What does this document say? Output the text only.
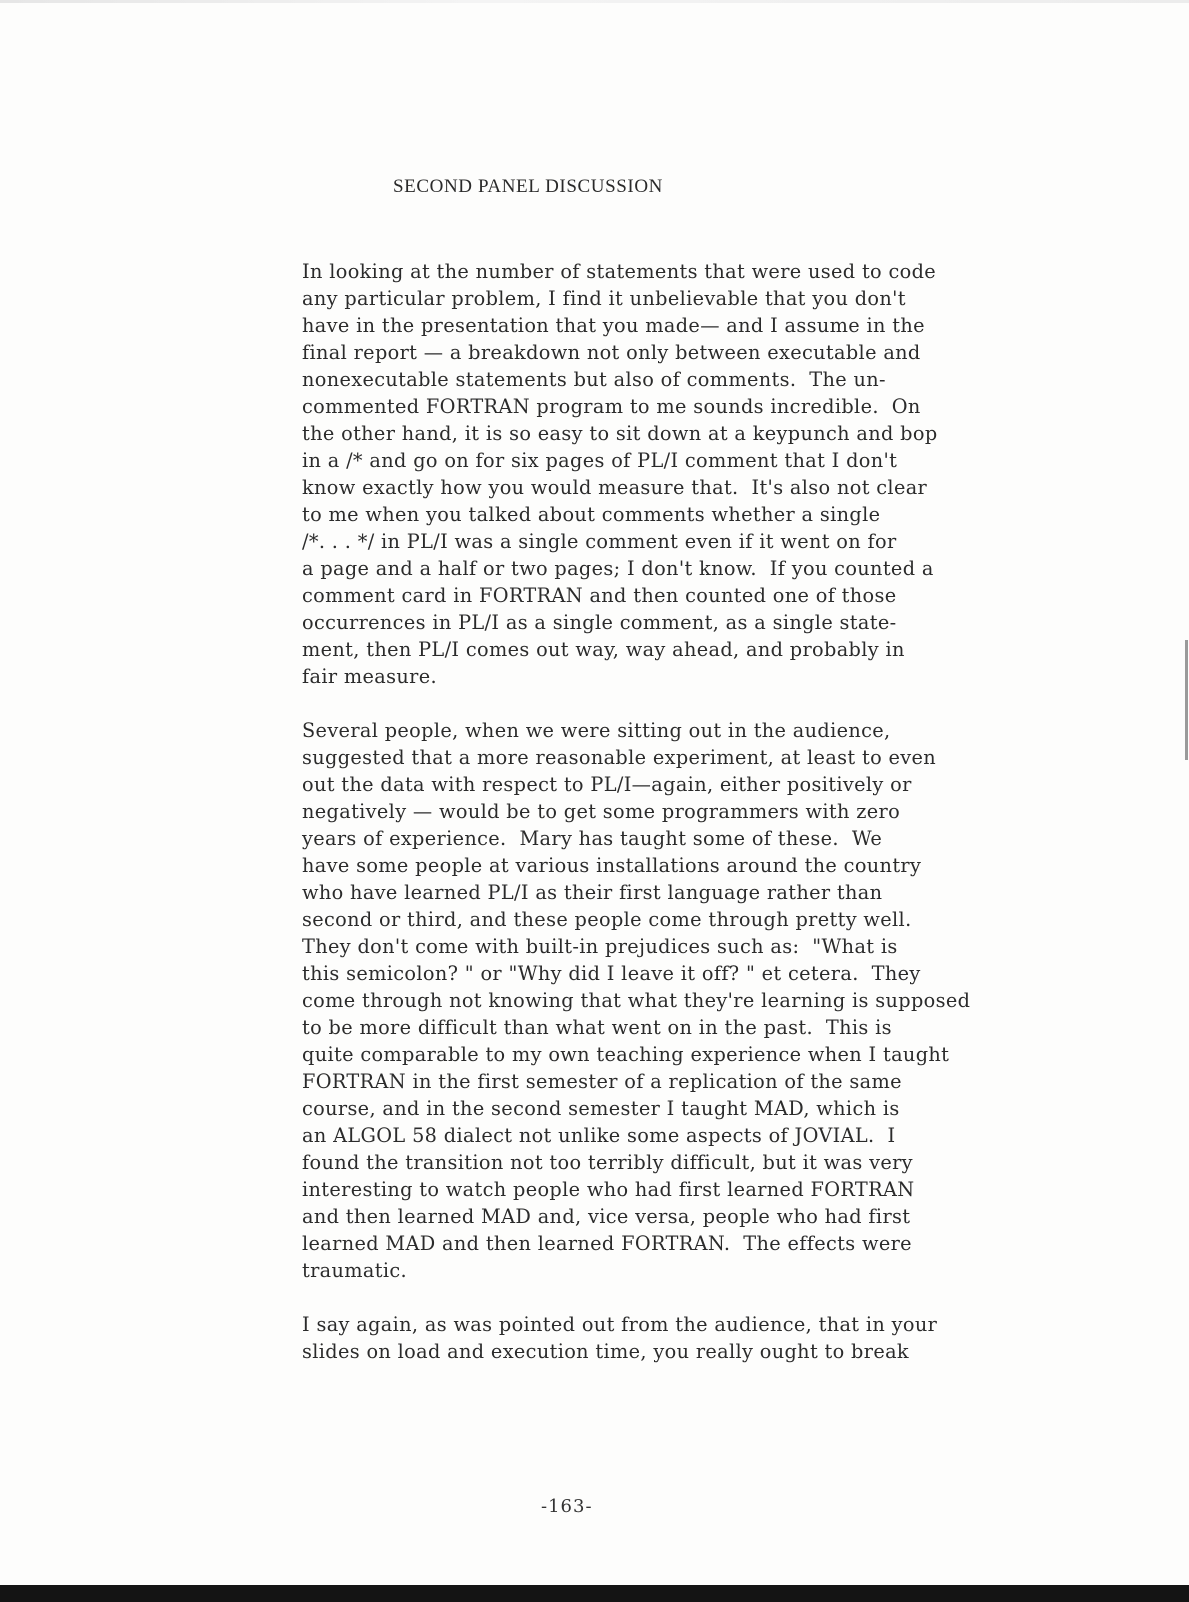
SECOND PANEL DISCUSSION
In looking at the number of statements that were used to code
any particular problem, I find it unbelievable that you don't
have in the presentation that you made— and I assume in the
final report — a breakdown not only between executable and
nonexecutable statements but also of comments.  The un-
commented FORTRAN program to me sounds incredible.  On
the other hand, it is so easy to sit down at a keypunch and bop
in a /* and go on for six pages of PL/I comment that I don't
know exactly how you would measure that.  It's also not clear
to me when you talked about comments whether a single
/*. . . */ in PL/I was a single comment even if it went on for
a page and a half or two pages; I don't know.  If you counted a
comment card in FORTRAN and then counted one of those
occurrences in PL/I as a single comment, as a single state-
ment, then PL/I comes out way, way ahead, and probably in
fair measure.
Several people, when we were sitting out in the audience,
suggested that a more reasonable experiment, at least to even
out the data with respect to PL/I—again, either positively or
negatively — would be to get some programmers with zero
years of experience.  Mary has taught some of these.  We
have some people at various installations around the country
who have learned PL/I as their first language rather than
second or third, and these people come through pretty well.
They don't come with built-in prejudices such as:  "What is
this semicolon? " or "Why did I leave it off? " et cetera.  They
come through not knowing that what they're learning is supposed
to be more difficult than what went on in the past.  This is
quite comparable to my own teaching experience when I taught
FORTRAN in the first semester of a replication of the same
course, and in the second semester I taught MAD, which is
an ALGOL 58 dialect not unlike some aspects of JOVIAL.  I
found the transition not too terribly difficult, but it was very
interesting to watch people who had first learned FORTRAN
and then learned MAD and, vice versa, people who had first
learned MAD and then learned FORTRAN.  The effects were
traumatic.
I say again, as was pointed out from the audience, that in your
slides on load and execution time, you really ought to break
-163-
